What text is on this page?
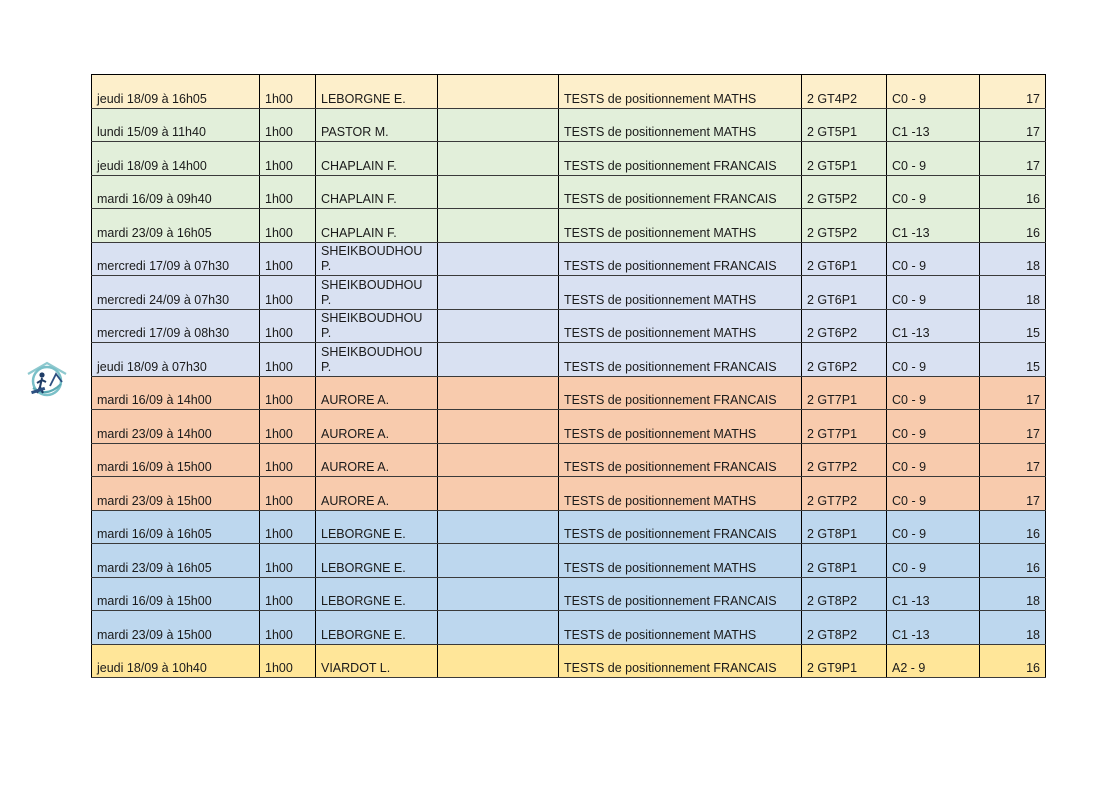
jeudi 18/09 à 16h05	1h00	LEBORGNE E.		TESTS de positionnement MATHS	2 GT4P2	C0 - 9	17
lundi 15/09 à 11h40	1h00	PASTOR M.		TESTS de positionnement MATHS	2 GT5P1	C1 -13	17
jeudi 18/09 à 14h00	1h00	CHAPLAIN F.		TESTS de positionnement FRANCAIS	2 GT5P1	C0 - 9	17
mardi 16/09 à 09h40	1h00	CHAPLAIN F.		TESTS de positionnement FRANCAIS	2 GT5P2	C0 - 9	16
mardi 23/09 à 16h05	1h00	CHAPLAIN F.		TESTS de positionnement MATHS	2 GT5P2	C1 -13	16
mercredi 17/09 à 07h30	1h00	SHEIKBOUDHOU P.		TESTS de positionnement FRANCAIS	2 GT6P1	C0 - 9	18
mercredi 24/09 à 07h30	1h00	SHEIKBOUDHOU P.		TESTS de positionnement MATHS	2 GT6P1	C0 - 9	18
mercredi 17/09 à 08h30	1h00	SHEIKBOUDHOU P.		TESTS de positionnement MATHS	2 GT6P2	C1 -13	15
jeudi 18/09 à 07h30	1h00	SHEIKBOUDHOU P.		TESTS de positionnement FRANCAIS	2 GT6P2	C0 - 9	15
mardi 16/09 à 14h00	1h00	AURORE A.		TESTS de positionnement FRANCAIS	2 GT7P1	C0 - 9	17
mardi 23/09 à 14h00	1h00	AURORE A.		TESTS de positionnement MATHS	2 GT7P1	C0 - 9	17
mardi 16/09 à 15h00	1h00	AURORE A.		TESTS de positionnement FRANCAIS	2 GT7P2	C0 - 9	17
mardi 23/09 à 15h00	1h00	AURORE A.		TESTS de positionnement MATHS	2 GT7P2	C0 - 9	17
mardi 16/09 à 16h05	1h00	LEBORGNE E.		TESTS de positionnement FRANCAIS	2 GT8P1	C0 - 9	16
mardi 23/09 à 16h05	1h00	LEBORGNE E.		TESTS de positionnement MATHS	2 GT8P1	C0 - 9	16
mardi 16/09 à 15h00	1h00	LEBORGNE E.		TESTS de positionnement FRANCAIS	2 GT8P2	C1 -13	18
mardi 23/09 à 15h00	1h00	LEBORGNE E.		TESTS de positionnement MATHS	2 GT8P2	C1 -13	18
jeudi 18/09 à 10h40	1h00	VIARDOT L.		TESTS de positionnement FRANCAIS	2 GT9P1	A2 - 9	16
